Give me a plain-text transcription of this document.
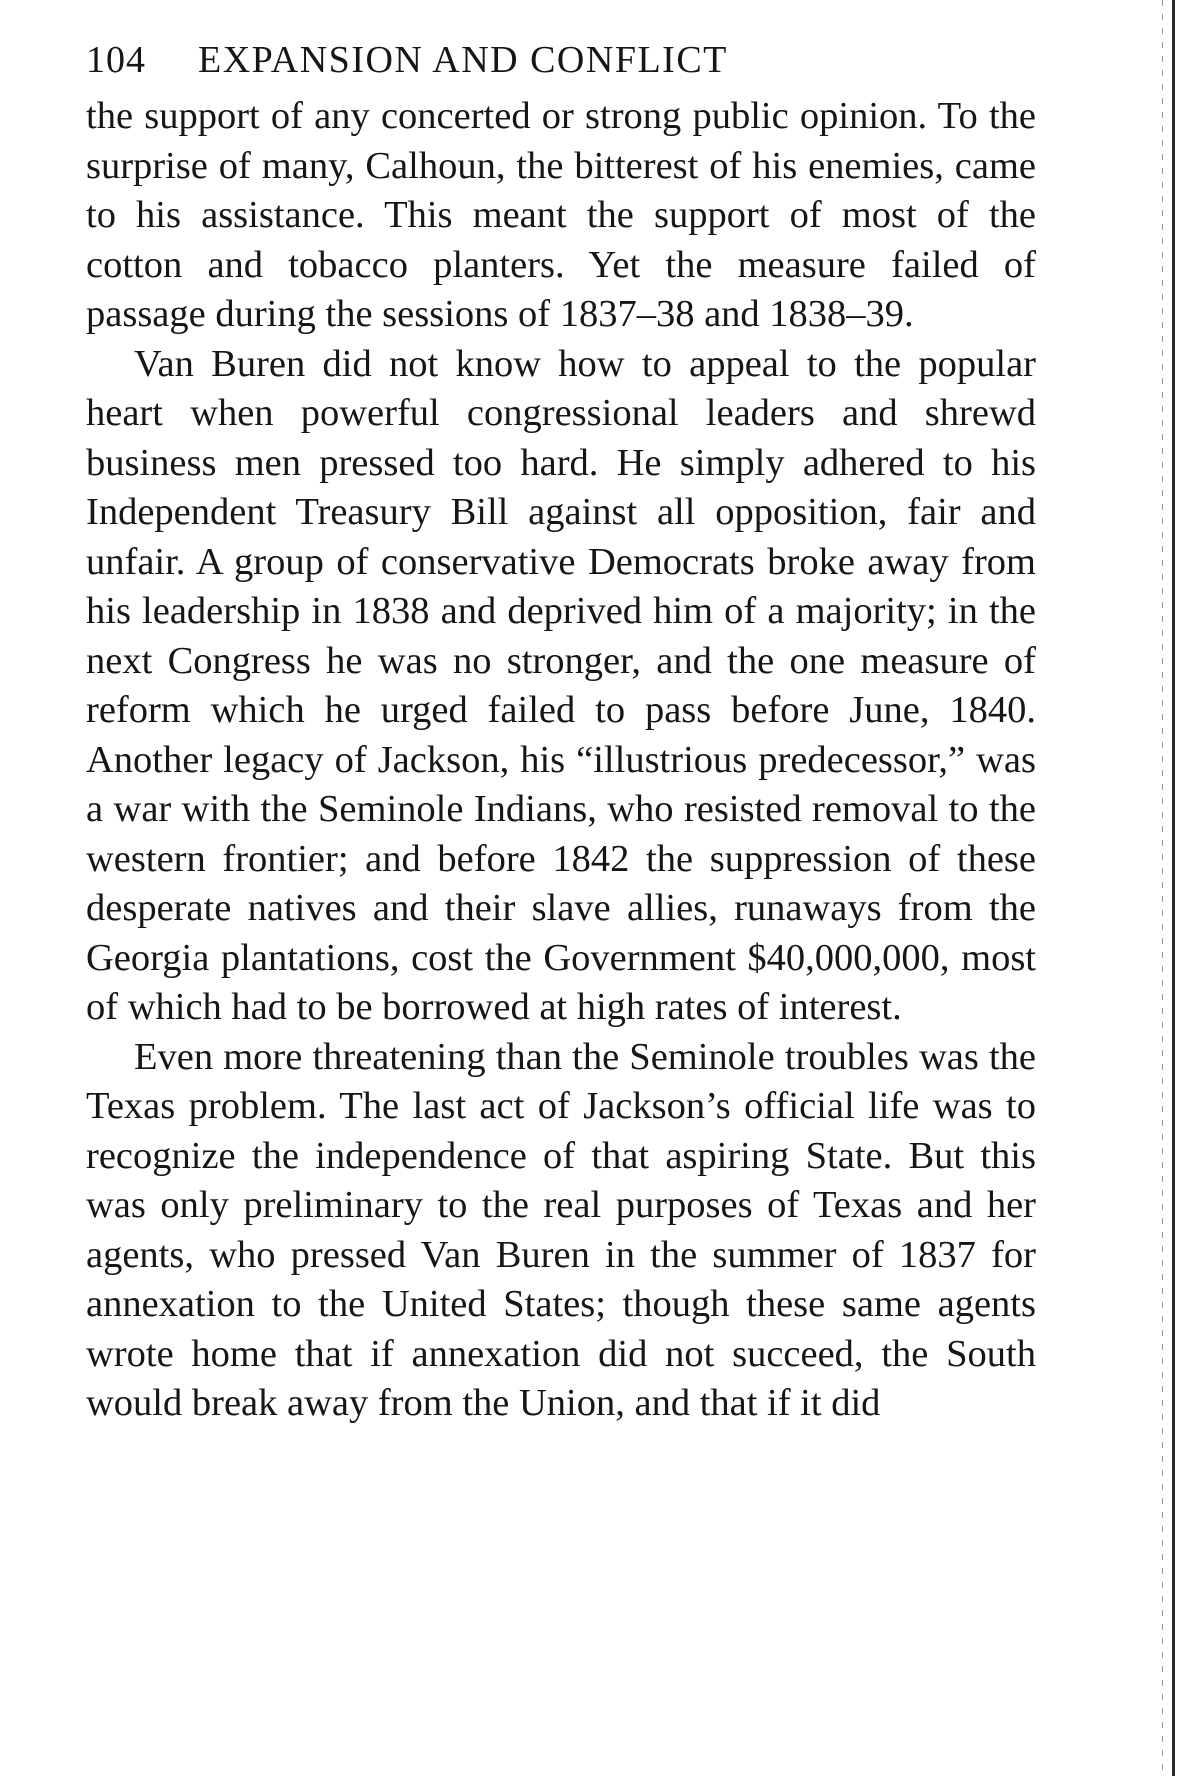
104 EXPANSION AND CONFLICT

the support of any concerted or strong public opinion. To the surprise of many, Calhoun, the bitterest of his enemies, came to his assistance. This meant the support of most of the cotton and tobacco planters. Yet the measure failed of passage during the sessions of 1837–38 and 1838–39.

Van Buren did not know how to appeal to the popular heart when powerful congressional leaders and shrewd business men pressed too hard. He simply adhered to his Independent Treasury Bill against all opposition, fair and unfair. A group of conservative Democrats broke away from his leadership in 1838 and deprived him of a majority; in the next Congress he was no stronger, and the one measure of reform which he urged failed to pass before June, 1840. Another legacy of Jackson, his “illustrious predecessor,” was a war with the Seminole Indians, who resisted removal to the western frontier; and before 1842 the suppression of these desperate natives and their slave allies, runaways from the Georgia plantations, cost the Government $40,000,000, most of which had to be borrowed at high rates of interest.

Even more threatening than the Seminole troubles was the Texas problem. The last act of Jackson’s official life was to recognize the independence of that aspiring State. But this was only preliminary to the real purposes of Texas and her agents, who pressed Van Buren in the summer of 1837 for annexation to the United States; though these same agents wrote home that if annexation did not succeed, the South would break away from the Union, and that if it did
